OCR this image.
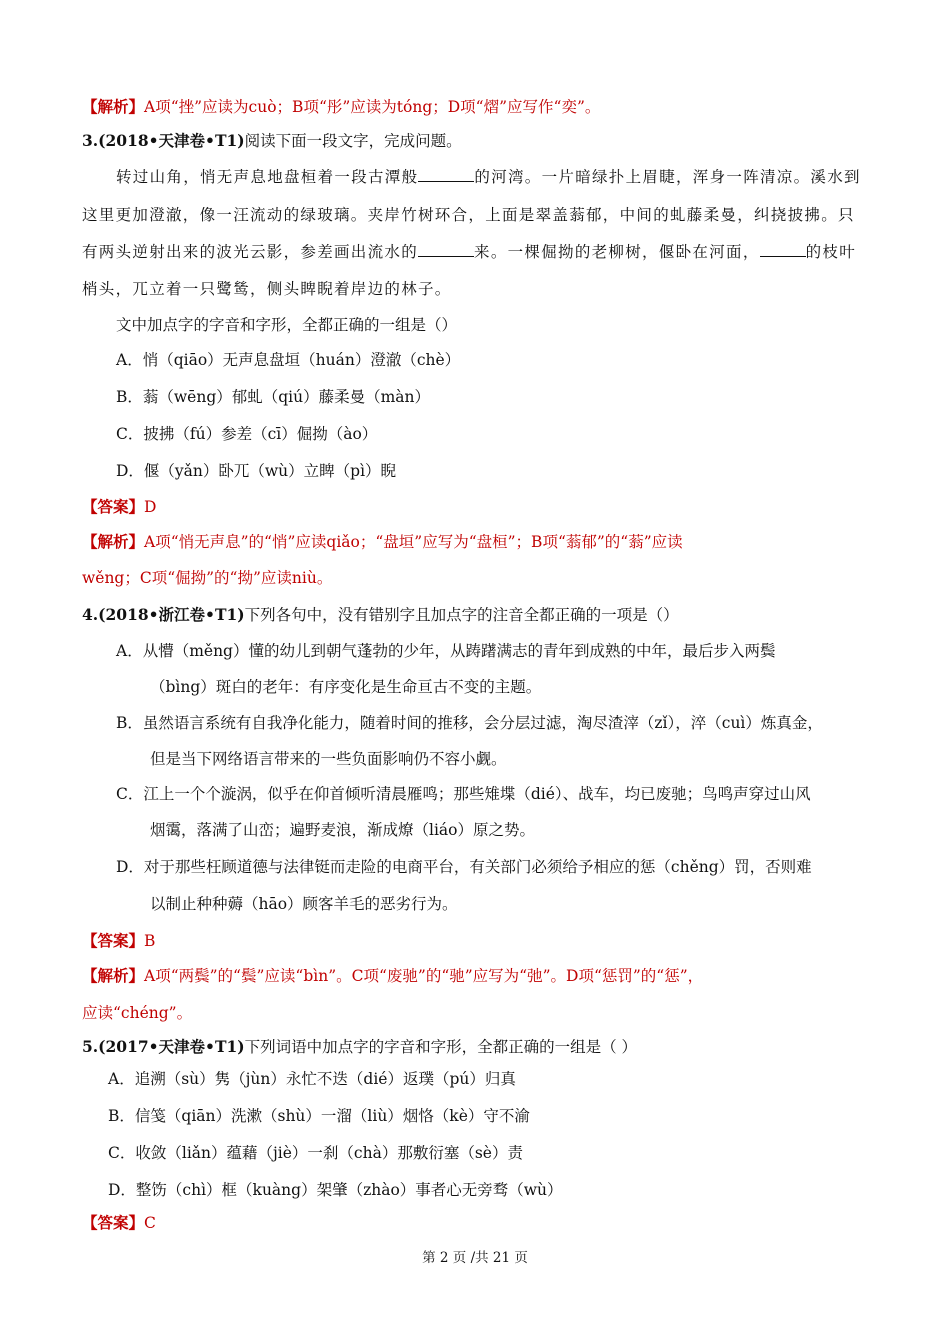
【解析】A项“挫”应读为cuò；B项“彤”应读为tóng；D项“熠”应写作“奕”。
3.(2018•天津卷•T1)阅读下面一段文字，完成问题。
转过山角，悄无声息地盘桓着一段古潭般	的河湾。一片暗绿扑上眉睫，浑身一阵清凉。溪水到
这里更加澄澈，像一汪流动的绿玻璃。夹岸竹树环合，上面是翠盖蓊郁，中间的虬藤柔曼，纠挠披拂。只
有两头逆射出来的波光云影，参差画出流水的	来。一棵倔拗的老柳树，偃卧在河面，	的枝叶
梢头，兀立着一只鹭鸶，侧头睥睨着岸边的林子。
文中加点字的字音和字形，全都正确的一组是（）
A．悄（qiāo）无声息盘垣（huán）澄澈（chè）
B．蓊（wēng）郁虬（qiú）藤柔曼（màn）
C．披拂（fú）参差（cī）倔拗（ào）
D．偃（yǎn）卧兀（wù）立睥（pì）睨
【答案】D
【解析】A项“悄无声息”的“悄”应读qiǎo；“盘垣”应写为“盘桓”；B项“蓊郁”的“蓊”应读
wěng；C项“倔拗”的“拗”应读niù。
4.(2018•浙江卷•T1)下列各句中，没有错别字且加点字的注音全都正确的一项是（）
A．从懵（měng）懂的幼儿到朝气蓬勃的少年，从踌躇满志的青年到成熟的中年，最后步入两鬓
（bìng）斑白的老年：有序变化是生命亘古不变的主题。
B．虽然语言系统有自我净化能力，随着时间的推移，会分层过滤，淘尽渣滓（zǐ），淬（cuì）炼真金，
但是当下网络语言带来的一些负面影响仍不容小觑。
C．江上一个个漩涡，似乎在仰首倾听清晨雁鸣；那些雉堞（dié）、战车，均已废驰；鸟鸣声穿过山风
烟霭，落满了山峦；遍野麦浪，渐成燎（liáo）原之势。
D．对于那些枉顾道德与法律铤而走险的电商平台，有关部门必须给予相应的惩（chěng）罚，否则难
以制止种种薅（hāo）顾客羊毛的恶劣行为。
【答案】B
【解析】A项“两鬓”的“鬓”应读“bìn”。C项“废驰”的“驰”应写为“弛”。D项“惩罚”的“惩”，
应读“chéng”。
5.(2017•天津卷•T1)下列词语中加点字的字音和字形，全都正确的一组是（ ）
A．追溯（sù）隽（jùn）永忙不迭（dié）返璞（pú）归真
B．信笺（qiān）洗漱（shù）一溜（liù）烟恪（kè）守不渝
C．收敛（liǎn）蕴藉（jiè）一刹（chà）那敷衍塞（sè）责
D．整饬（chì）框（kuàng）架肇（zhào）事者心无旁骛（wù）
【答案】C
第 2 页 /共 21 页
